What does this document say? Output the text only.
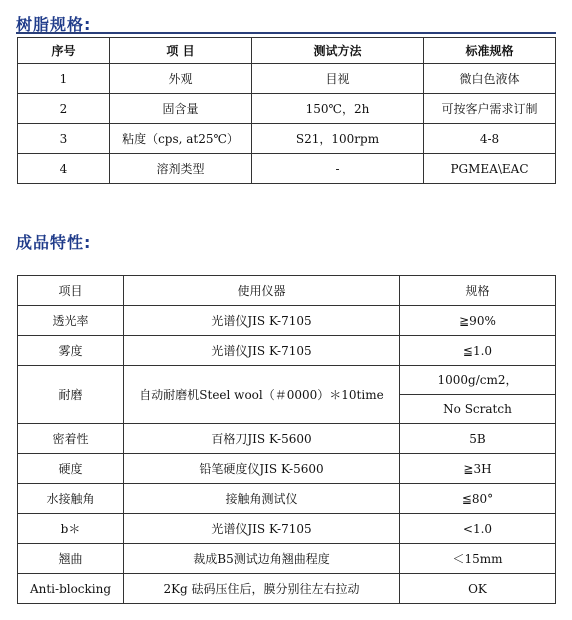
树脂规格:
序号	项 目	测试方法	标准规格
1	外观	目视	微白色液体
2	固含量	150℃，2h	可按客户需求订制
3	粘度（cps, at25℃）	S21，100rpm	4-8
4	溶剂类型	-	PGMEA\EAC
成品特性:
项目	使用仪器	规格
透光率	光谱仪JIS K-7105	≧90%
雾度	光谱仪JIS K-7105	≦1.0
耐磨	自动耐磨机Steel wool（＃0000）＊10time	1000g/cm2，
No Scratch

密着性	百格刀JIS K-5600	5B
硬度	铅笔硬度仪JIS K-5600	≧3H
水接触角	接触角测试仪	≦80°
b＊	光谱仪JIS K-7105	<1.0
翘曲	裁成B5测试边角翘曲程度	＜15mm
Anti-blocking	2Kg 砝码压住后，膜分别往左右拉动	OK
